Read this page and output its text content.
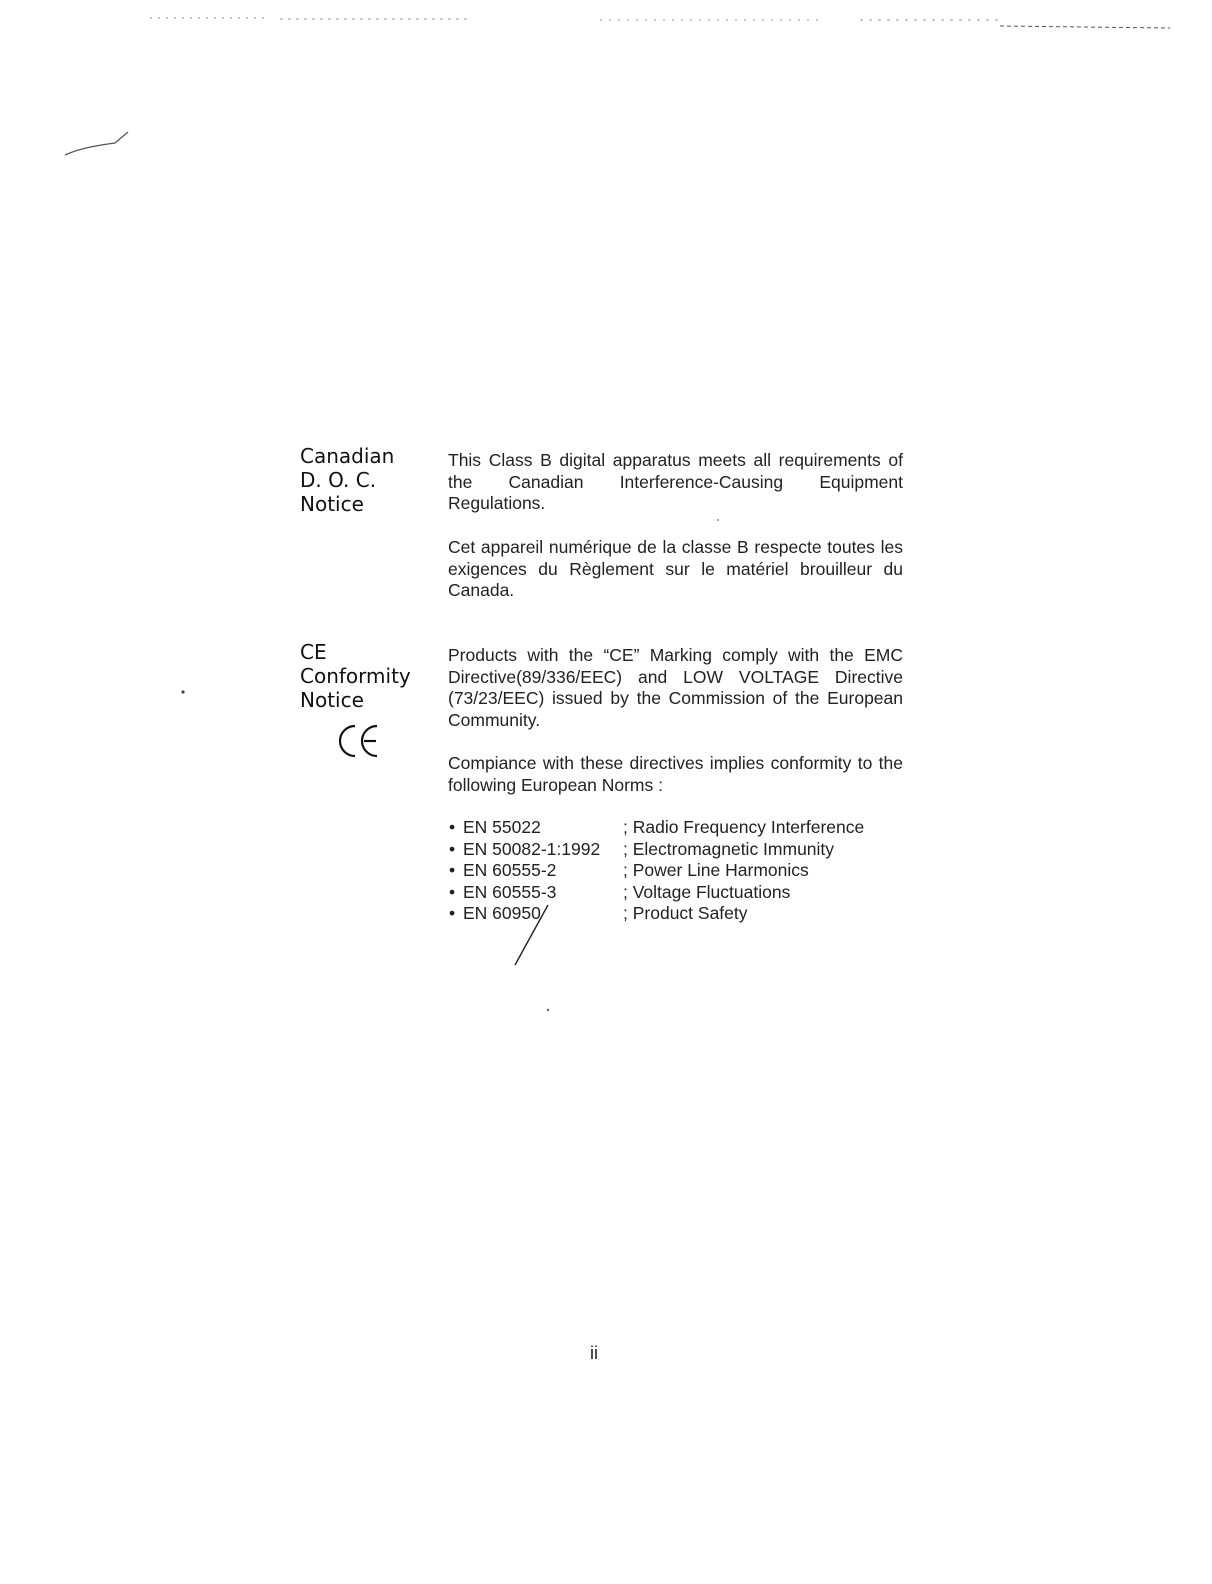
Canadian
D. O. C.
Notice

This Class B digital apparatus meets all requirements of the Canadian Interference-Causing Equipment Regulations.

Cet appareil numérique de la classe B respecte toutes les exigences du Règlement sur le matériel brouilleur du Canada.

CE
Conformity
Notice

Products with the “CE” Marking comply with the EMC Directive(89/336/EEC) and LOW VOLTAGE Directive (73/23/EEC) issued by the Commission of the European Community.

Compiance with these directives implies conformity to the following European Norms :

• EN 55022	; Radio Frequency Interference
• EN 50082-1:1992	; Electromagnetic Immunity
• EN 60555-2	; Power Line Harmonics
• EN 60555-3	; Voltage Fluctuations
• EN 60950	; Product Safety
ii
